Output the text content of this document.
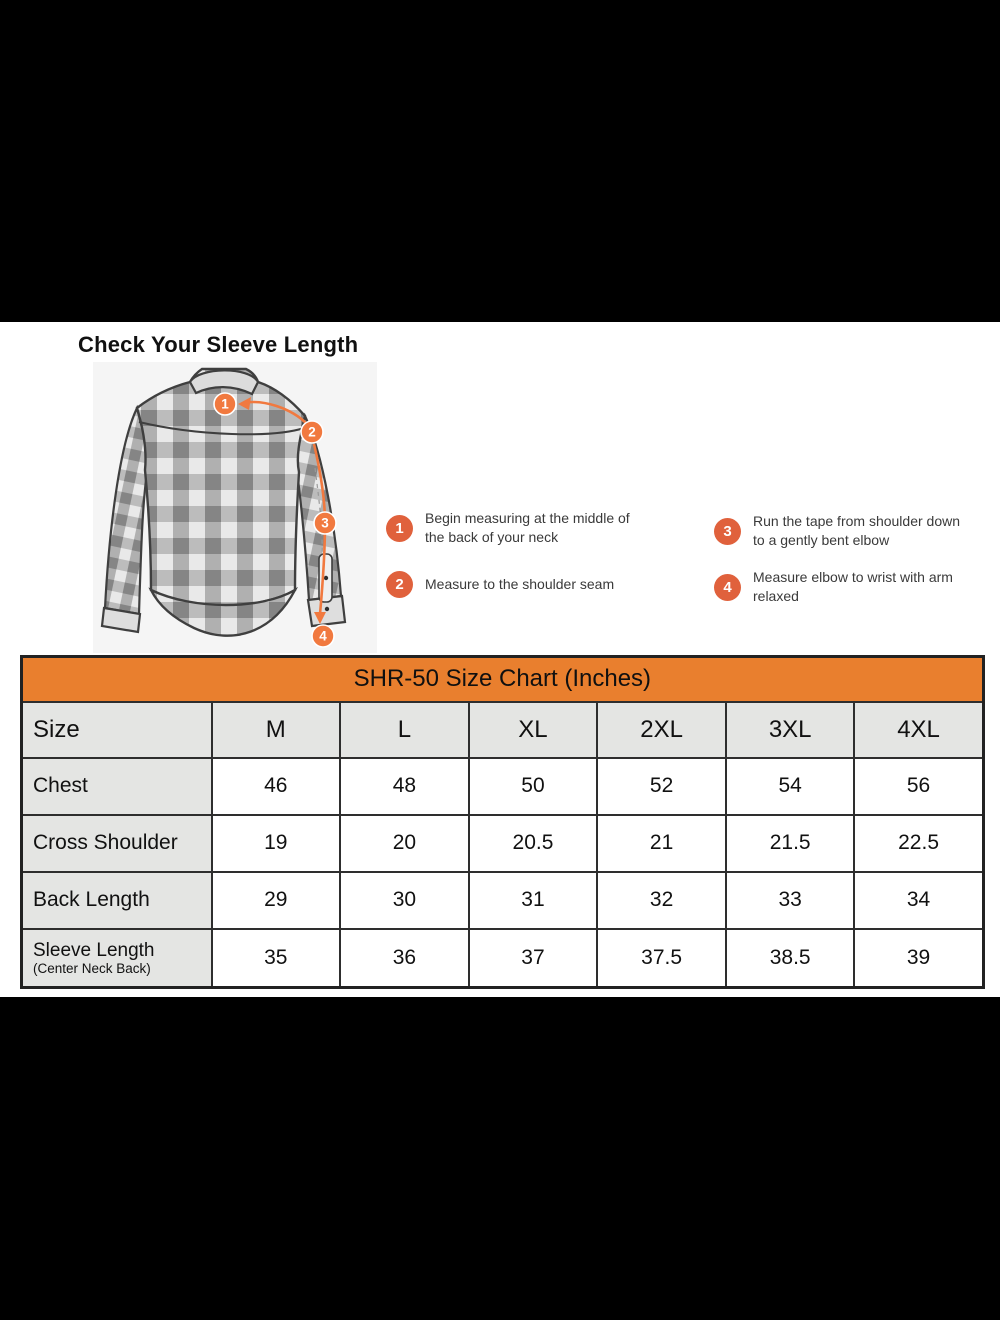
Check Your Sleeve Length
1
2
3
4
1
Begin measuring at the middle of the back of your neck
2	Measure to the shoulder seam
3
Run the tape from shoulder down to a gently bent elbow
4
Measure elbow to wrist with arm relaxed
SHR-50 Size Chart (Inches)						
Size	M	L	XL	2XL	3XL	4XL
Chest	46	48	50	52	54	56
Cross Shoulder	19	20	20.5	21	21.5	22.5
Back Length	29	30	31	32	33	34

Sleeve Length
(Center Neck Back)	35	36	37	37.5	38.5	39
